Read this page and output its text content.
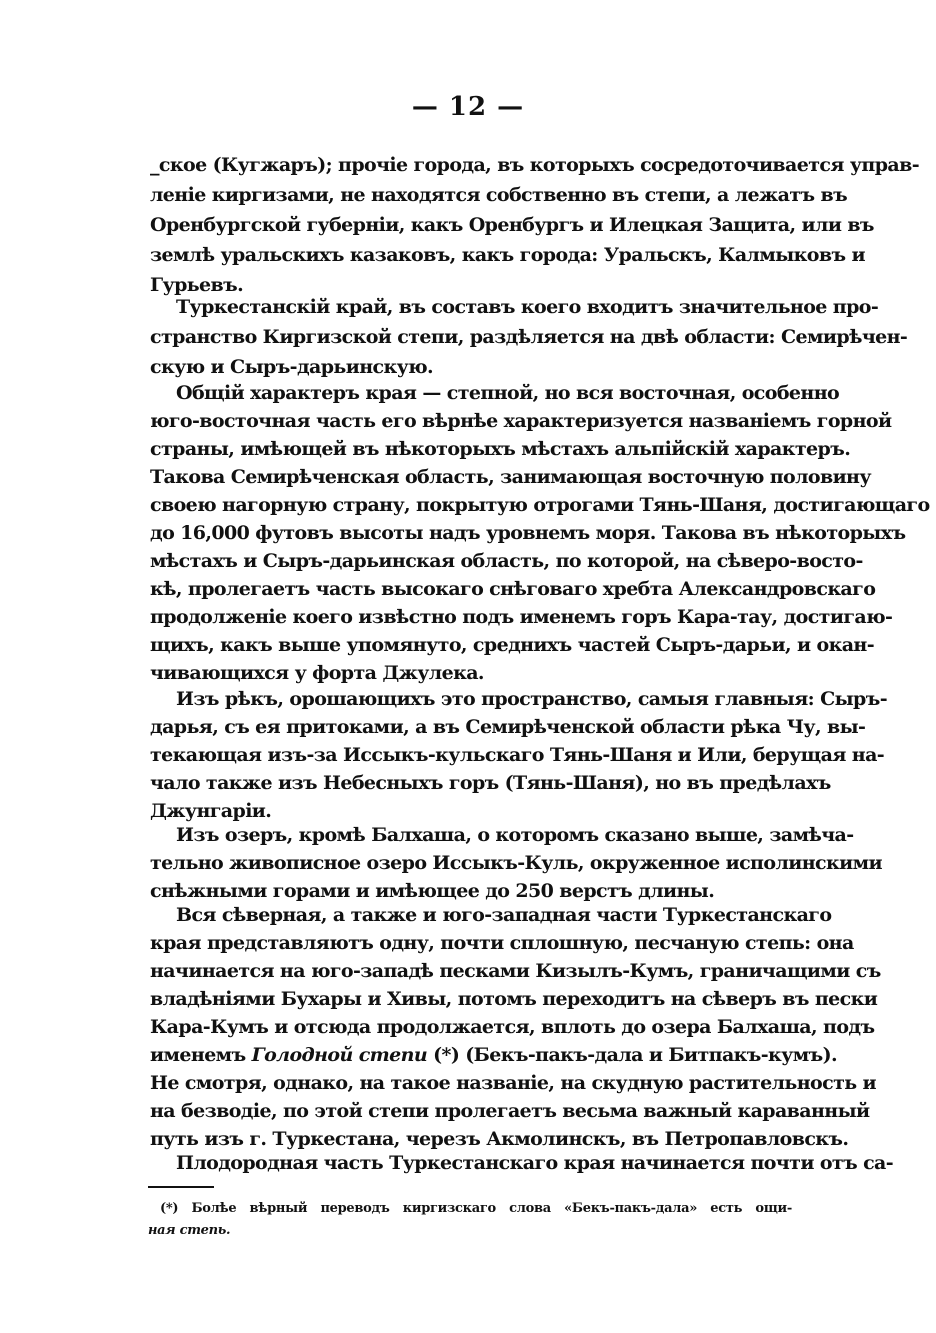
— 12 —
_ское (Кугжаръ); прочіе города, въ которыхъ сосредоточивается управ-
леніе киргизами, не находятся собственно въ степи, а лежатъ въ
Оренбургской губерніи, какъ Оренбургъ и Илецкая Защита, или въ
землѣ уральскихъ казаковъ, какъ города: Уральскъ, Калмыковъ и
Гурьевъ.
Туркестанскій край, въ составъ коего входитъ значительное про-
странство Киргизской степи, раздѣляется на двѣ области: Семирѣчен-
скую и Сыръ-дарьинскую.
Общій характеръ края — степной, но вся восточная, особенно
юго-восточная часть его вѣрнѣе характеризуется названіемъ горной
страны, имѣющей въ нѣкоторыхъ мѣстахъ альпійскій характеръ.
Такова Семирѣченская область, занимающая восточную половину
своею нагорную страну, покрытую отрогами Тянь-Шаня, достигающаго
до 16,000 футовъ высоты надъ уровнемъ моря. Такова въ нѣкоторыхъ
мѣстахъ и Сыръ-дарьинская область, по которой, на сѣверо-восто-
кѣ, пролегаетъ часть высокаго снѣговаго хребта Александровскаго
продолженіе коего извѣстно подъ именемъ горъ Кара-тау, достигаю-
щихъ, какъ выше упомянуто, среднихъ частей Сыръ-дарьи, и окан-
чивающихся у форта Джулека.
Изъ рѣкъ, орошающихъ это пространство, самыя главныя: Сыръ-
дарья, съ ея притоками, а въ Семирѣченской области рѣка Чу, вы-
текающая изъ-за Иссыкъ-кульскаго Тянь-Шаня и Или, берущая на-
чало также изъ Небесныхъ горъ (Тянь-Шаня), но въ предѣлахъ
Джунгаріи.
Изъ озеръ, кромѣ Балхаша, о которомъ сказано выше, замѣча-
тельно живописное озеро Иссыкъ-Куль, окруженное исполинскими
снѣжными горами и имѣющее до 250 верстъ длины.
Вся сѣверная, а также и юго-западная части Туркестанскаго
края представляютъ одну, почти сплошную, песчаную степь: она
начинается на юго-западѣ песками Кизылъ-Кумъ, граничащими съ
владѣніями Бухары и Хивы, потомъ переходитъ на сѣверъ въ пески
Кара-Кумъ и отсюда продолжается, вплоть до озера Балхаша, подъ
именемъ Голодной степи (*) (Бекъ-пакъ-дала и Битпакъ-кумъ).
Не смотря, однако, на такое названіе, на скудную растительность и
на безводіе, по этой степи пролегаетъ весьма важный караванный
путь изъ г. Туркестана, черезъ Акмолинскъ, въ Петропавловскъ.
Плодородная часть Туркестанскаго края начинается почти отъ са-
(*) Болѣе вѣрный переводъ киргизскаго слова «Бекъ-пакъ-дала» есть ощи-
ная степь.
